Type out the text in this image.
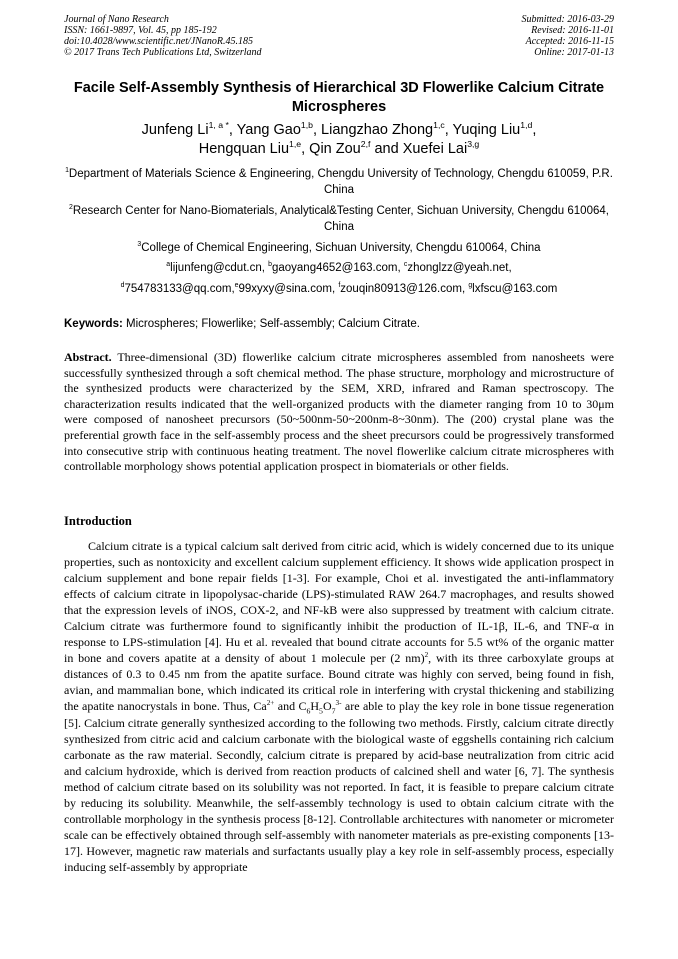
Journal of Nano Research
ISSN: 1661-9897, Vol. 45, pp 185-192
doi:10.4028/www.scientific.net/JNanoR.45.185
© 2017 Trans Tech Publications Ltd, Switzerland
Submitted: 2016-03-29
Revised: 2016-11-01
Accepted: 2016-11-15
Online: 2017-01-13
Facile Self-Assembly Synthesis of Hierarchical 3D Flowerlike Calcium Citrate Microspheres
Junfeng $Li^{1, a *}$, Yang Gao$^{1,b}$, Liangzhao Zhong$^{1,c}$, Yuqing Liu$^{1,d}$,
Hengquan Liu$^{1,e}$, Qin Zou$^{2,f}$ and Xuefei Lai$^{3,g}$
$^1$Department of Materials Science & Engineering, Chengdu University of Technology, Chengdu 610059, P.R. China
$^2$Research Center for Nano-Biomaterials, Analytical&Testing Center, Sichuan University, Chengdu 610064, China
$^3$College of Chemical Engineering, Sichuan University, Chengdu 610064, China
$^a$lijunfeng@cdut.cn, $^b$gaoyang4652@163.com, $^c$zhonglzz@yeah.net,
$^d$754783133@qq.com,$^e$99xyxy@sina.com, $^f$zouqin80913@126.com, $^g$lxfscu@163.com
Keywords: Microspheres; Flowerlike; Self-assembly; Calcium Citrate.
Abstract. Three-dimensional (3D) flowerlike calcium citrate microspheres assembled from nanosheets were successfully synthesized through a soft chemical method. The phase structure, morphology and microstructure of the synthesized products were characterized by the SEM, XRD, infrared and Raman spectroscopy. The characterization results indicated that the well-organized products with the diameter ranging from 10 to 30μm were composed of nanosheet precursors (50~500nm-50~200nm-8~30nm). The (200) crystal plane was the preferential growth face in the self-assembly process and the sheet precursors could be progressively transformed into consecutive strip with continuous heating treatment. The novel flowerlike calcium citrate microspheres with controllable morphology shows potential application prospect in biomaterials or other fields.
Introduction
Calcium citrate is a typical calcium salt derived from citric acid, which is widely concerned due to its unique properties, such as nontoxicity and excellent calcium supplement efficiency. It shows wide application prospect in calcium supplement and bone repair fields [1-3]. For example, Choi et al. investigated the anti-inflammatory effects of calcium citrate in lipopolysac-charide (LPS)-stimulated RAW 264.7 macrophages, and results showed that the expression levels of iNOS, COX-2, and NF-kB were also suppressed by treatment with calcium citrate. Calcium citrate was furthermore found to significantly inhibit the production of IL-1β, IL-6, and TNF-α in response to LPS-stimulation [4]. Hu et al. revealed that bound citrate accounts for 5.5 wt% of the organic matter in bone and covers apatite at a density of about 1 molecule per (2 nm)$^2$, with its three carboxylate groups at distances of 0.3 to 0.45 nm from the apatite surface. Bound citrate was highly con served, being found in fish, avian, and mammalian bone, which indicated its critical role in interfering with crystal thickening and stabilizing the apatite nanocrystals in bone. Thus, $Ca^{2+}$ and $C_6H_5O_7^{3-}$ are able to play the key role in bone tissue regeneration [5]. Calcium citrate generally synthesized according to the following two methods. Firstly, calcium citrate directly synthesized from citric acid and calcium carbonate with the biological waste of eggshells containing rich calcium carbonate as the raw material. Secondly, calcium citrate is prepared by acid-base neutralization from citric acid and calcium hydroxide, which is derived from reaction products of calcined shell and water [6, 7]. The synthesis method of calcium citrate based on its solubility was not reported. In fact, it is feasible to prepare calcium citrate by reducing its solubility. Meanwhile, the self-assembly technology is used to obtain calcium citrate with the controllable morphology in the synthesis process [8-12]. Controllable architectures with nanometer or micrometer scale can be effectively obtained through self-assembly with nanometer materials as pre-existing components [13-17]. However, magnetic raw materials and surfactants usually play a key role in self-assembly process, especially inducing self-assembly by appropriate
